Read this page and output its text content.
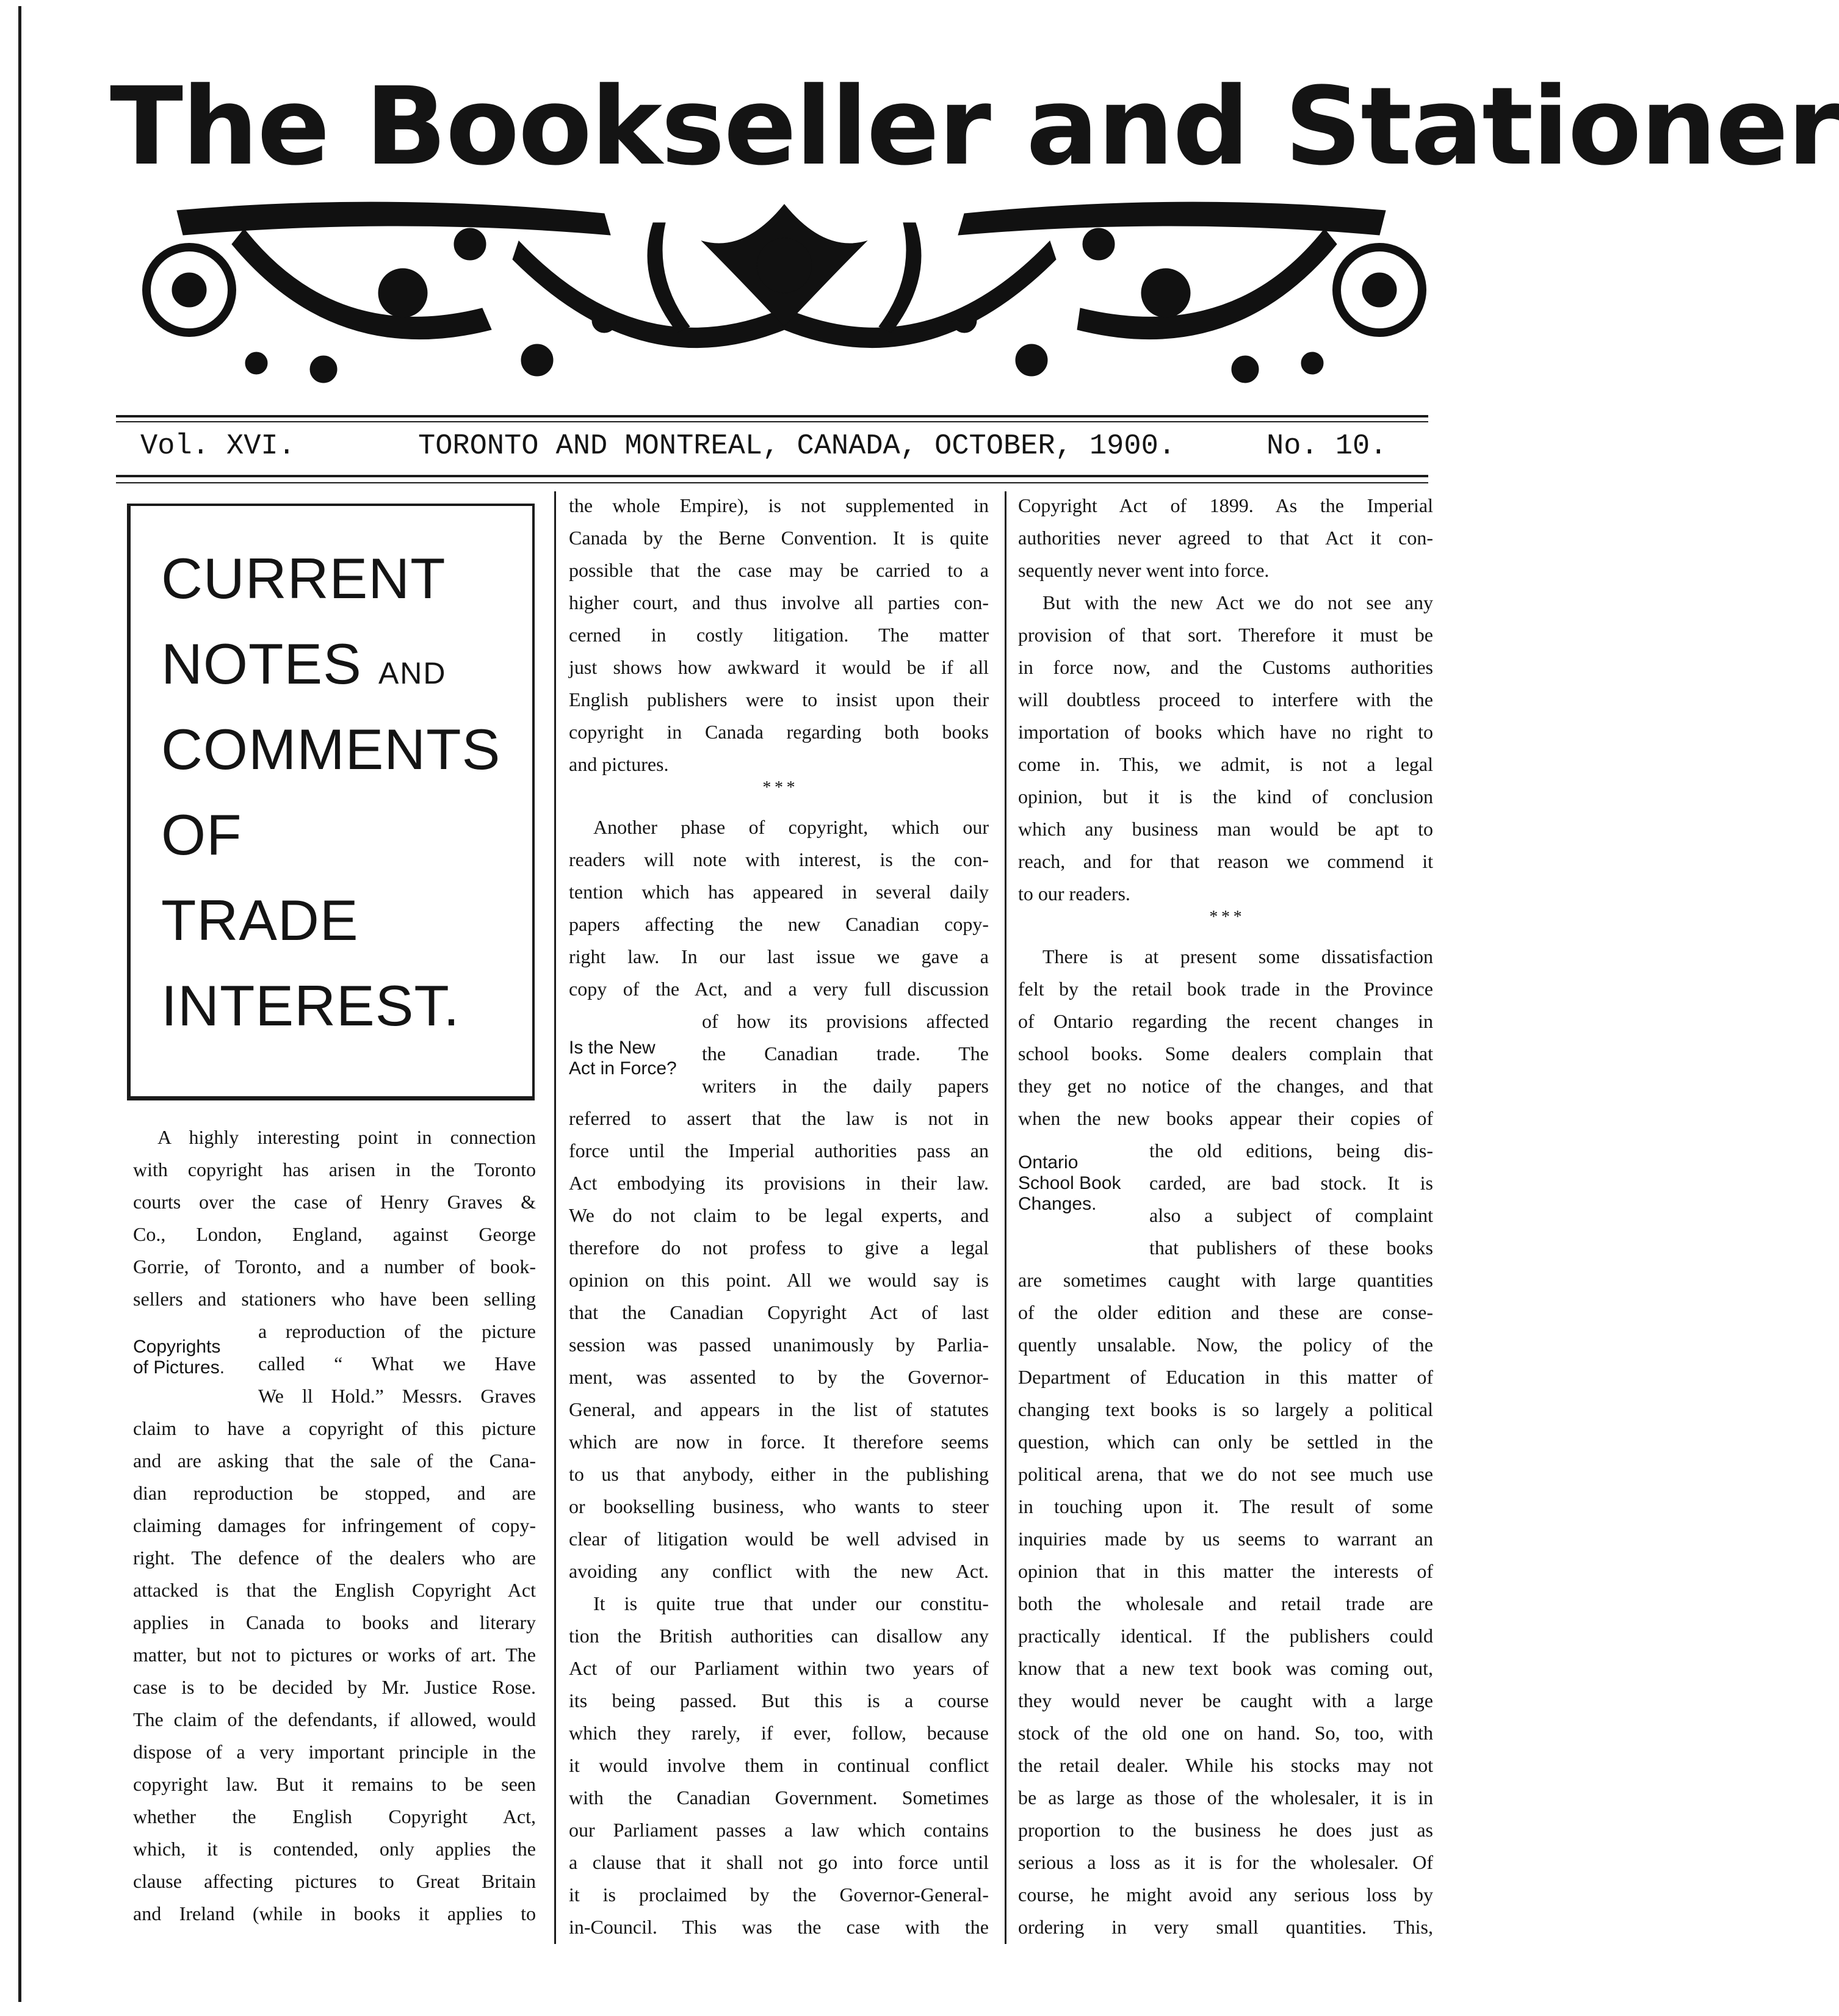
The Bookseller and Stationer
Vol. XVI.	TORONTO AND MONTREAL, CANADA, OCTOBER, 1900.	No. 10.
CURRENT
NOTES AND
COMMENTS
OF
TRADE
INTEREST.
A highly interesting point in connection
with copyright has arisen in the Toronto
courts over the case of Henry Graves &
Co., London, England, against George
Gorrie, of Toronto, and a number of book-
sellers and stationers who have been selling
a reproduction of the picture
called “ What we Have
We ll Hold.” Messrs. Graves
claim to have a copyright of this picture
and are asking that the sale of the Cana-
dian reproduction be stopped, and are
claiming damages for infringement of copy-
right. The defence of the dealers who are
attacked is that the English Copyright Act
applies in Canada to books and literary
matter, but not to pictures or works of art. The
case is to be decided by Mr. Justice Rose.
The claim of the defendants, if allowed, would
dispose of a very important principle in the
copyright law. But it remains to be seen
whether the English Copyright Act,
which, it is contended, only applies the
clause affecting pictures to Great Britain
and Ireland (while in books it applies to
Copyrights
of Pictures.
the whole Empire), is not supplemented in
Canada by the Berne Convention. It is quite
possible that the case may be carried to a
higher court, and thus involve all parties con-
cerned in costly litigation. The matter
just shows how awkward it would be if all
English publishers were to insist upon their
copyright in Canada regarding both books
and pictures.
* * *
Another phase of copyright, which our
readers will note with interest, is the con-
tention which has appeared in several daily
papers affecting the new Canadian copy-
right law. In our last issue we gave a
copy of the Act, and a very full discussion
of how its provisions affected
the Canadian trade. The
writers in the daily papers
referred to assert that the law is not in
force until the Imperial authorities pass an
Act embodying its provisions in their law.
We do not claim to be legal experts, and
therefore do not profess to give a legal
opinion on this point. All we would say is
that the Canadian Copyright Act of last
session was passed unanimously by Parlia-
ment, was assented to by the Governor-
General, and appears in the list of statutes
which are now in force. It therefore seems
to us that anybody, either in the publishing
or bookselling business, who wants to steer
clear of litigation would be well advised in
avoiding any conflict with the new Act.
It is quite true that under our constitu-
tion the British authorities can disallow any
Act of our Parliament within two years of
its being passed. But this is a course
which they rarely, if ever, follow, because
it would involve them in continual conflict
with the Canadian Government. Sometimes
our Parliament passes a law which contains
a clause that it shall not go into force until
it is proclaimed by the Governor-General-
in-Council. This was the case with the
Is the New
Act in Force?
Copyright Act of 1899. As the Imperial
authorities never agreed to that Act it con-
sequently never went into force.
But with the new Act we do not see any
provision of that sort. Therefore it must be
in force now, and the Customs authorities
will doubtless proceed to interfere with the
importation of books which have no right to
come in. This, we admit, is not a legal
opinion, but it is the kind of conclusion
which any business man would be apt to
reach, and for that reason we commend it
to our readers.
* * *
There is at present some dissatisfaction
felt by the retail book trade in the Province
of Ontario regarding the recent changes in
school books. Some dealers complain that
they get no notice of the changes, and that
when the new books appear their copies of
the old editions, being dis-
carded, are bad stock. It is
also a subject of complaint
that publishers of these books
are sometimes caught with large quantities
of the older edition and these are conse-
quently unsalable. Now, the policy of the
Department of Education in this matter of
changing text books is so largely a political
question, which can only be settled in the
political arena, that we do not see much use
in touching upon it. The result of some
inquiries made by us seems to warrant an
opinion that in this matter the interests of
both the wholesale and retail trade are
practically identical. If the publishers could
know that a new text book was coming out,
they would never be caught with a large
stock of the old one on hand. So, too, with
the retail dealer. While his stocks may not
be as large as those of the wholesaler, it is in
proportion to the business he does just as
serious a loss as it is for the wholesaler. Of
course, he might avoid any serious loss by
ordering in very small quantities. This,
Ontario
School Book
Changes.
